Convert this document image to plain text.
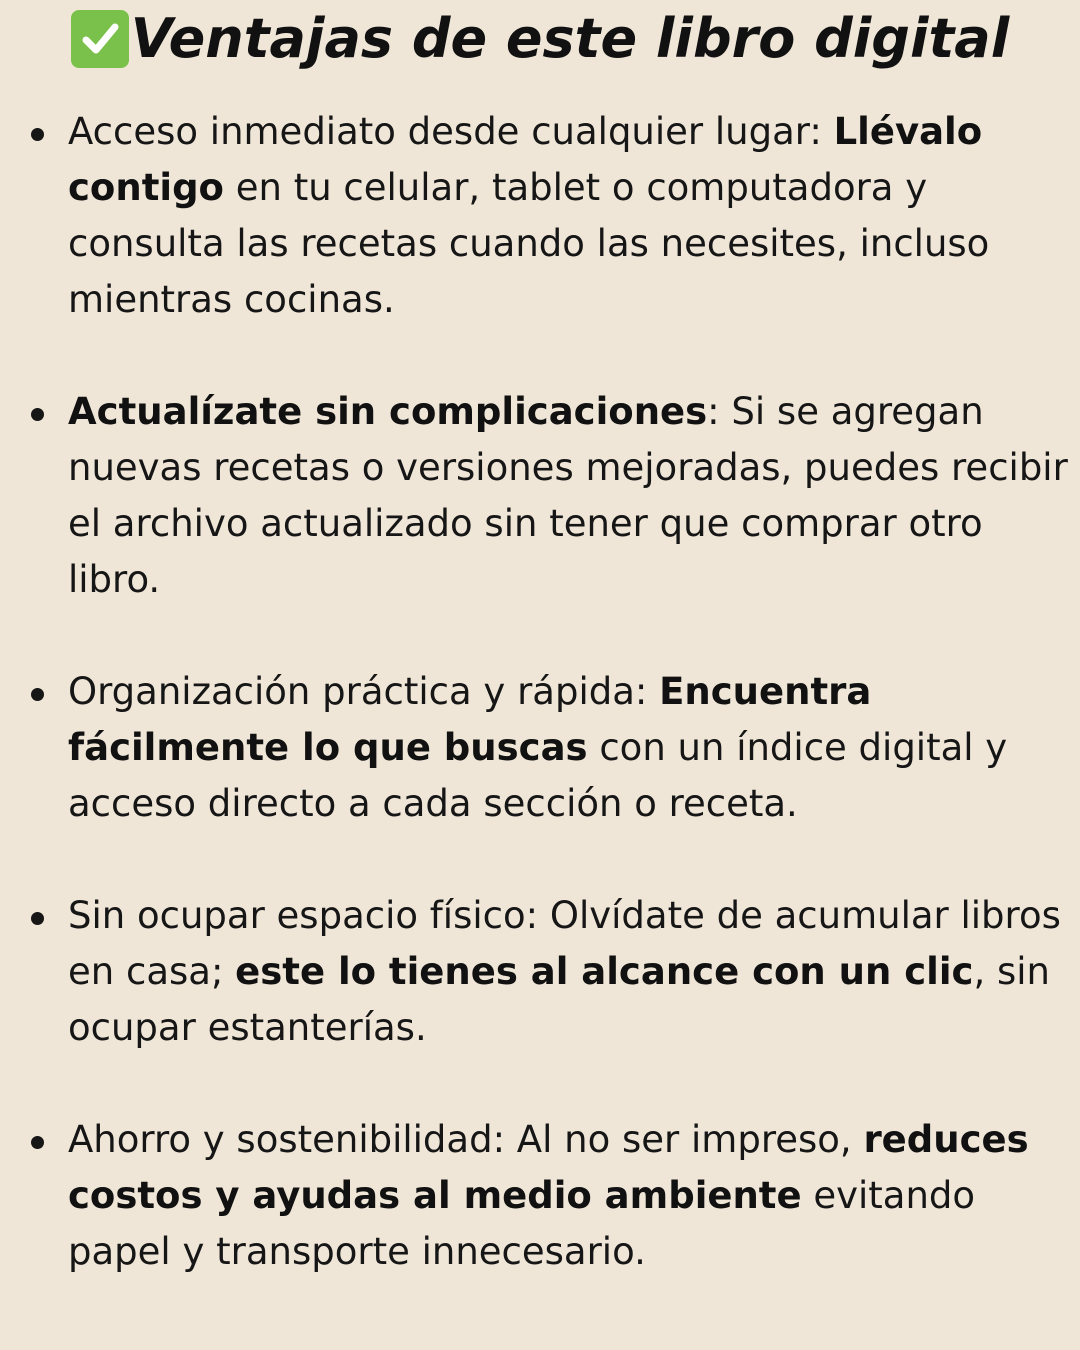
Ventajas de este libro digital
Acceso inmediato desde cualquier lugar: Llévalo contigo en tu celular, tablet o computadora y consulta las recetas cuando las necesites, incluso mientras cocinas.
Actualízate sin complicaciones: Si se agregan nuevas recetas o versiones mejoradas, puedes recibir el archivo actualizado sin tener que comprar otro libro.
Organización práctica y rápida: Encuentra fácilmente lo que buscas con un índice digital y acceso directo a cada sección o receta.
Sin ocupar espacio físico: Olvídate de acumular libros en casa; este lo tienes al alcance con un clic, sin ocupar estanterías.
Ahorro y sostenibilidad: Al no ser impreso, reduces costos y ayudas al medio ambiente evitando papel y transporte innecesario.
